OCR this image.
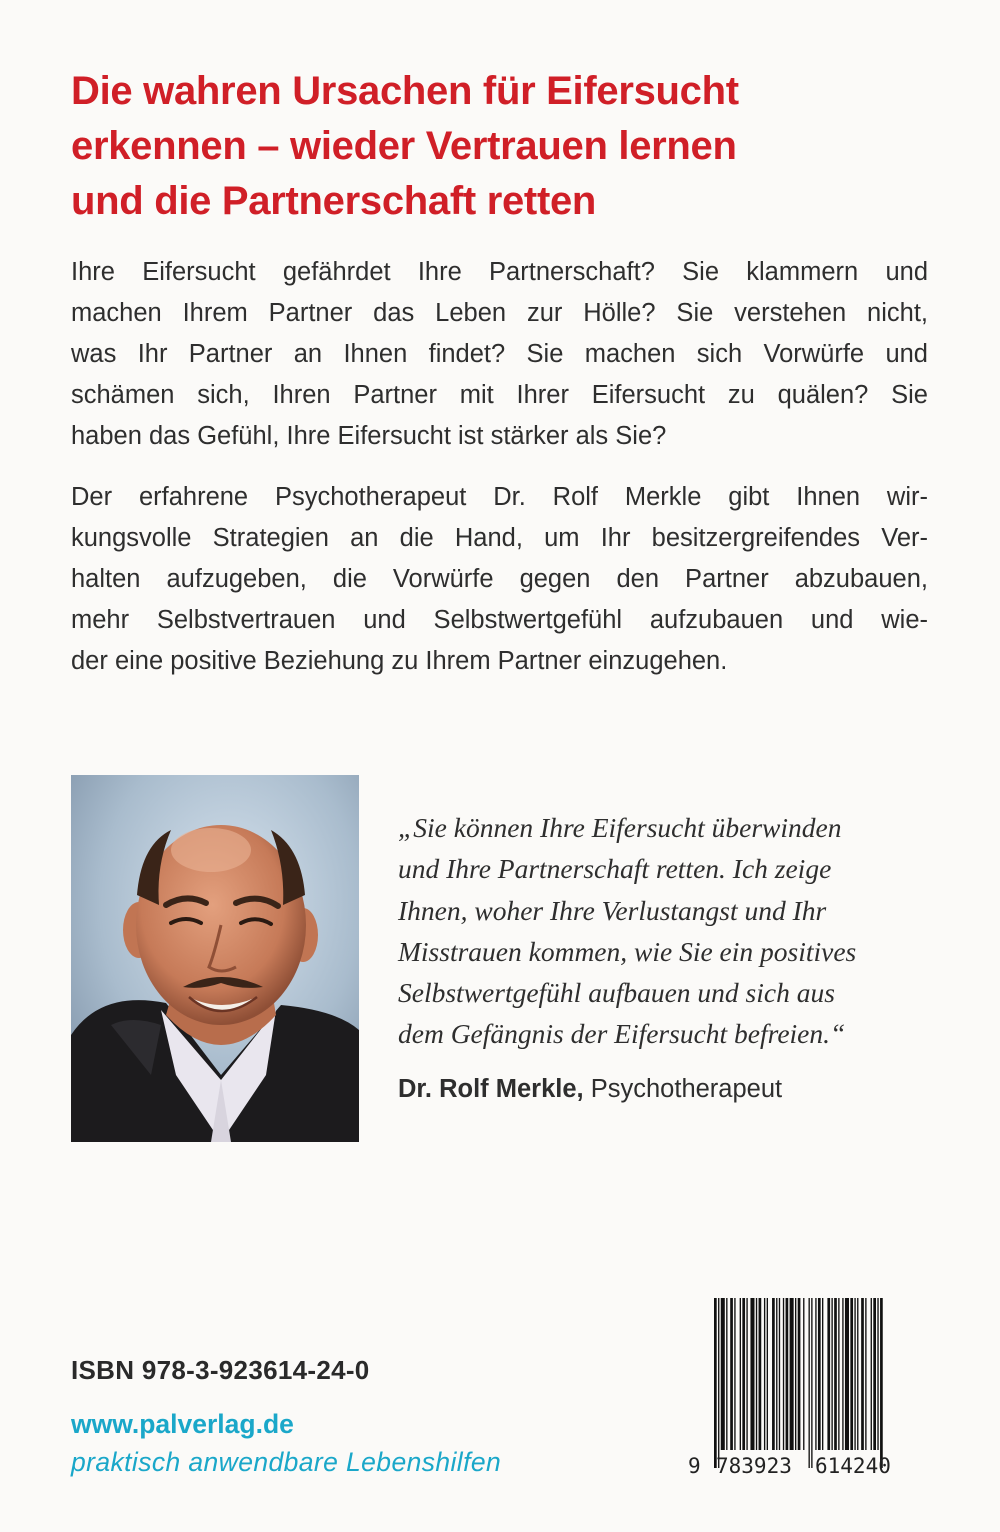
Die wahren Ursachen für Eifersucht
erkennen – wieder Vertrauen lernen
und die Partnerschaft retten

Ihre Eifersucht gefährdet Ihre Partnerschaft? Sie klammern und
machen Ihrem Partner das Leben zur Hölle? Sie verstehen nicht,
was Ihr Partner an Ihnen findet? Sie machen sich Vorwürfe und
schämen sich, Ihren Partner mit Ihrer Eifersucht zu quälen? Sie
haben das Gefühl, Ihre Eifersucht ist stärker als Sie?

Der erfahrene Psychotherapeut Dr. Rolf Merkle gibt Ihnen wir-
kungsvolle Strategien an die Hand, um Ihr besitzergreifendes Ver-
halten aufzugeben, die Vorwürfe gegen den Partner abzubauen,
mehr Selbstvertrauen und Selbstwertgefühl aufzubauen und wie-
der eine positive Beziehung zu Ihrem Partner einzugehen.

„Sie können Ihre Eifersucht überwinden
und Ihre Partnerschaft retten. Ich zeige
Ihnen, woher Ihre Verlustangst und Ihr
Misstrauen kommen, wie Sie ein positives
Selbstwertgefühl aufbauen und sich aus
dem Gefängnis der Eifersucht befreien.“

Dr. Rolf Merkle, Psychotherapeut
ISBN 978-3-923614-24-0
www.palverlag.de
praktisch anwendbare Lebenshilfen	9 783923 614240
